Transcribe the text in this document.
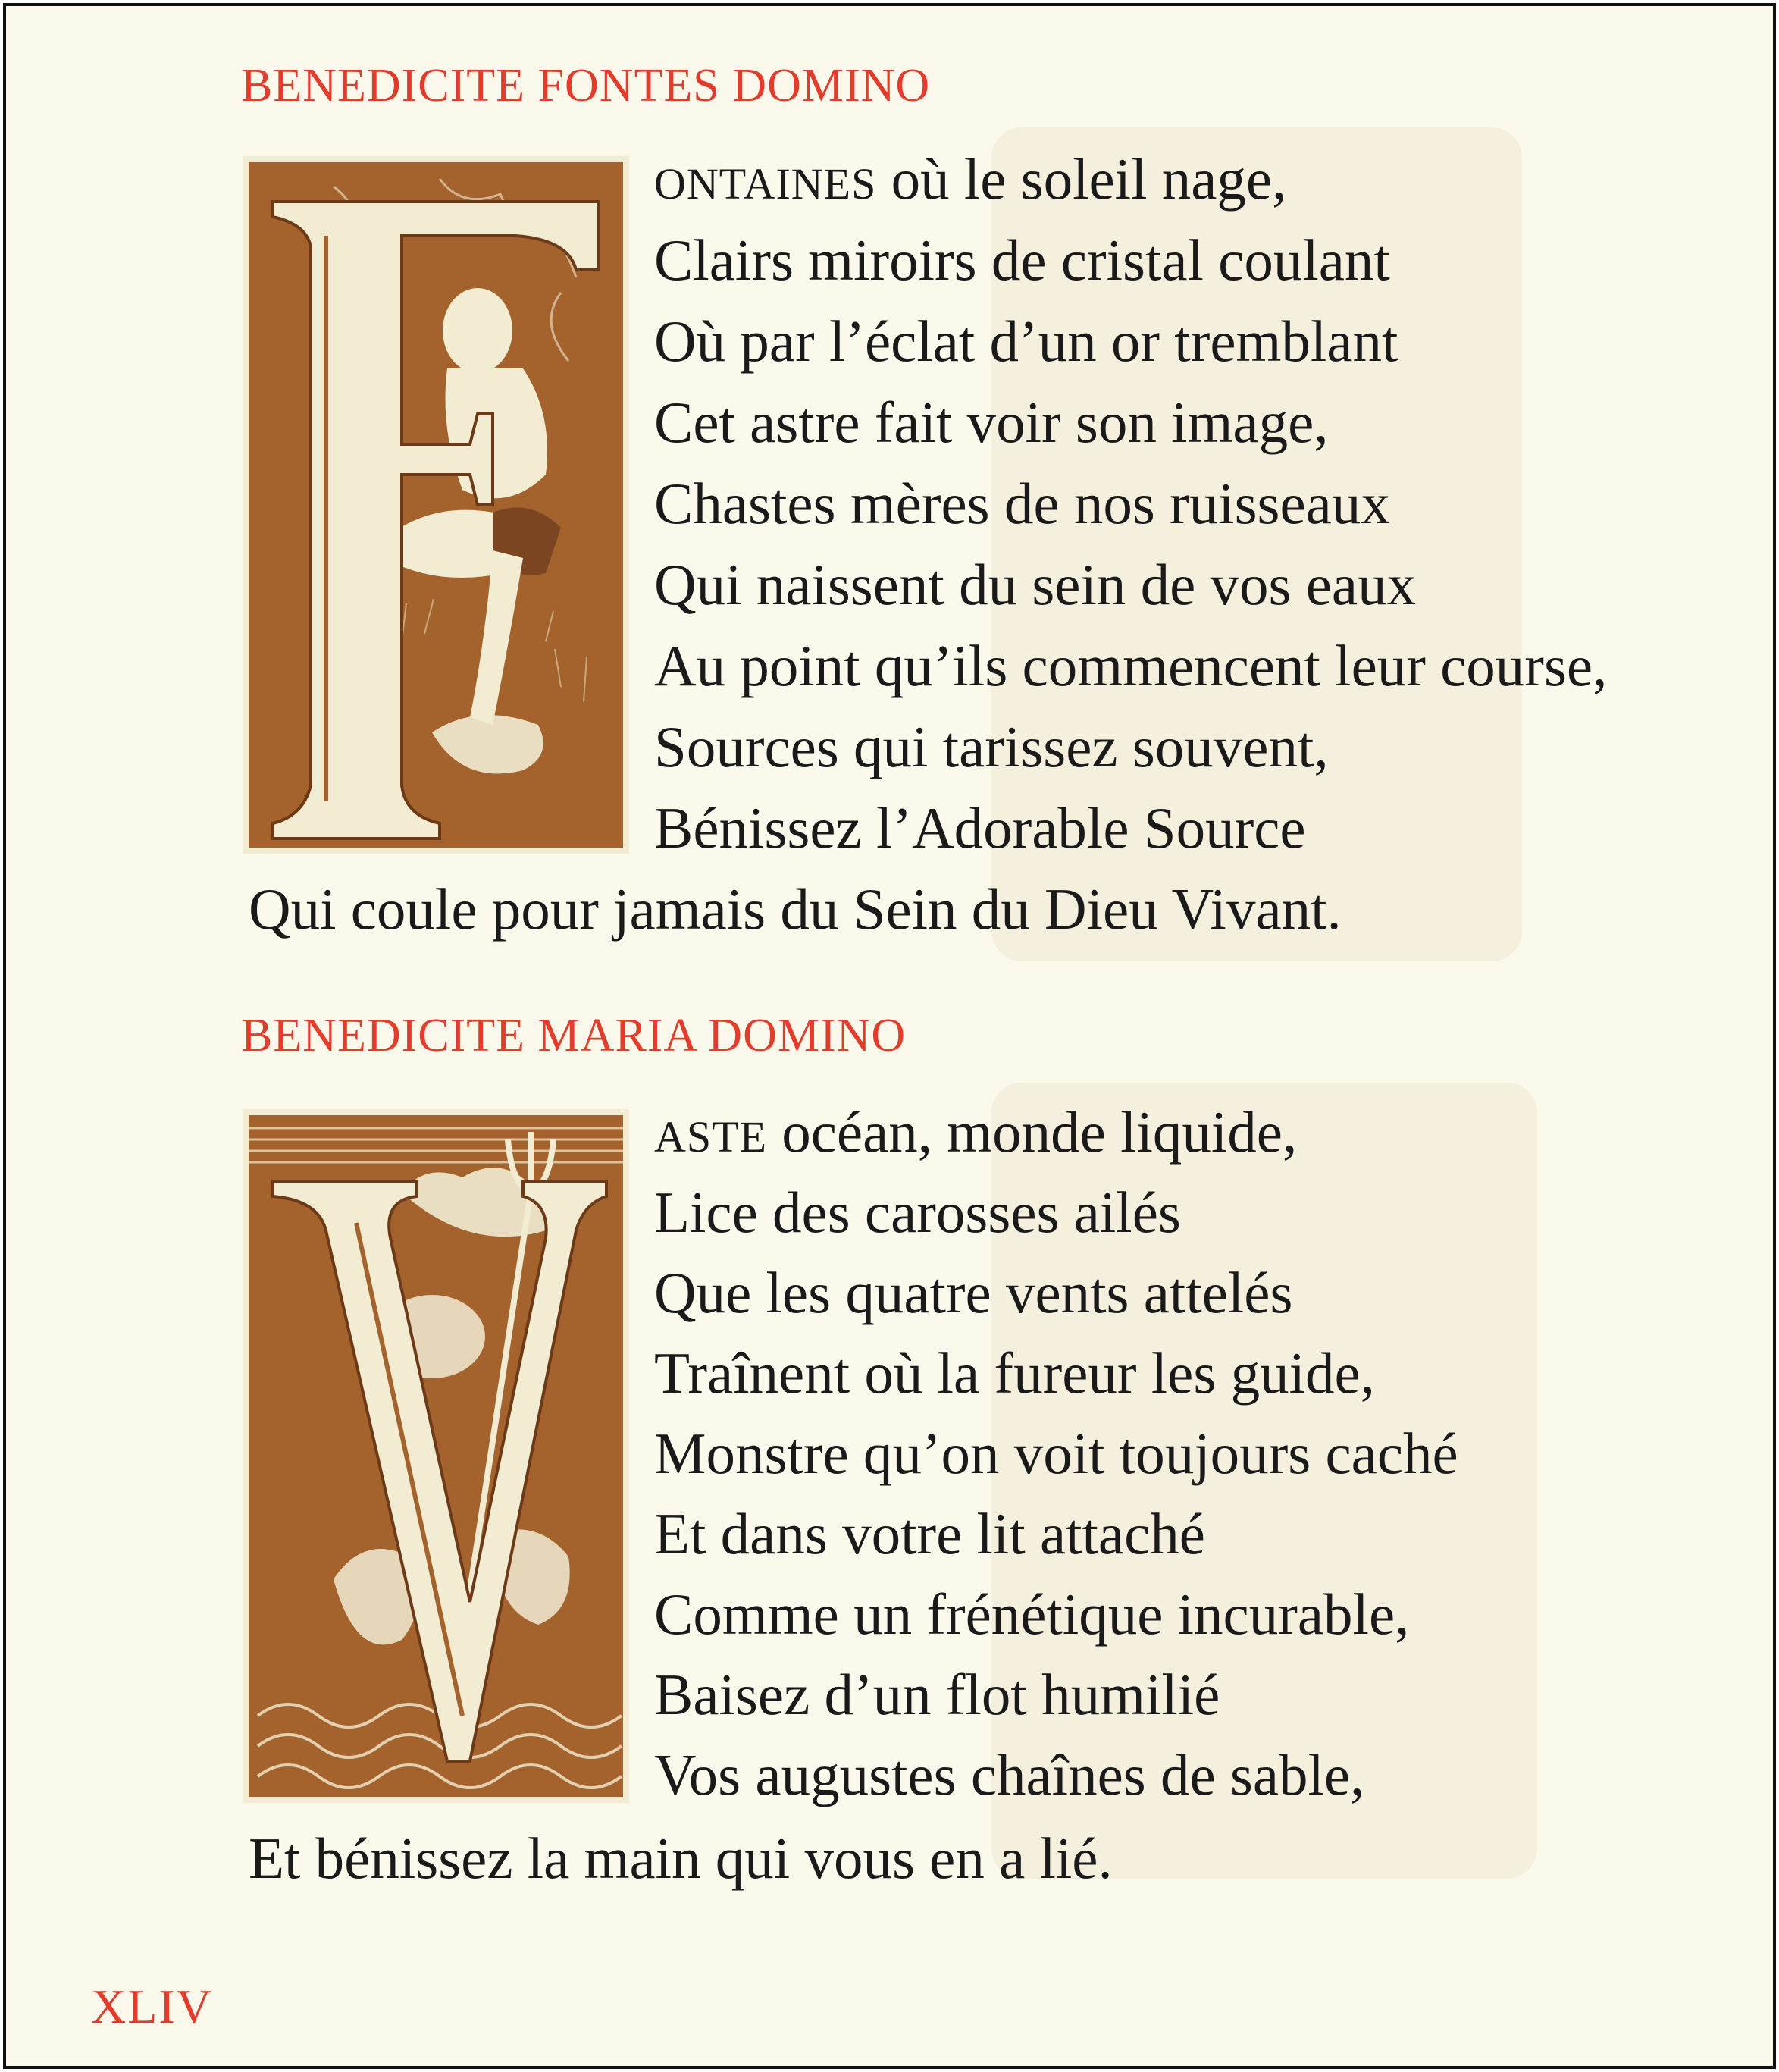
BENEDICITE FONTES DOMINO

ONTAINES où le soleil nage,

Clairs miroirs de cristal coulant

Où par l’éclat d’un or tremblant

Cet astre fait voir son image,

Chastes mères de nos ruisseaux

Qui naissent du sein de vos eaux

Au point qu’ils commencent leur course,

Sources qui tarissez souvent,

Bénissez l’Adorable Source

Qui coule pour jamais du Sein du Dieu Vivant.

BENEDICITE MARIA DOMINO

ASTE océan, monde liquide,

Lice des carosses ailés

Que les quatre vents attelés

Traînent où la fureur les guide,

Monstre qu’on voit toujours caché

Et dans votre lit attaché

Comme un frénétique incurable,

Baisez d’un flot humilié

Vos augustes chaînes de sable,

Et bénissez la main qui vous en a lié.

XLIV
